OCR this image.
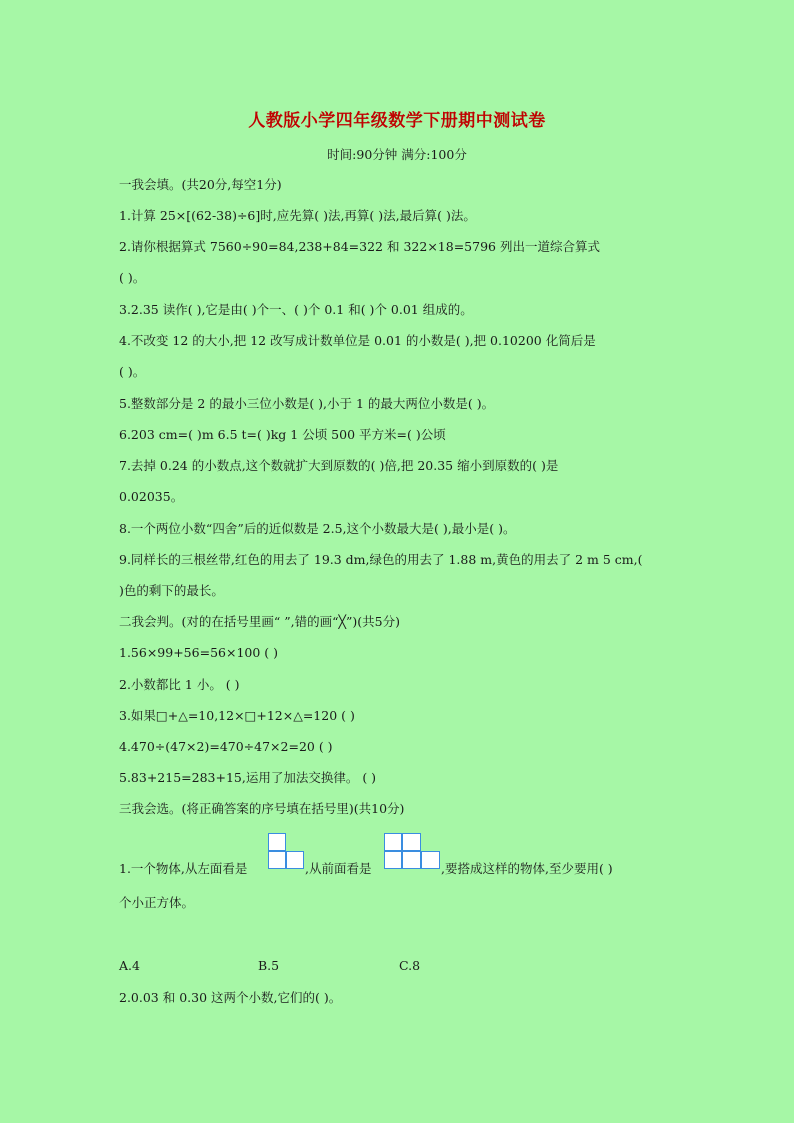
人教版小学四年级数学下册期中测试卷
时间:90分钟 满分:100分
一我会填。(共20分,每空1分)
1.计算 25×[(62-38)÷6]时,应先算( )法,再算( )法,最后算( )法。
2.请你根据算式 7560÷90=84,238+84=322 和 322×18=5796 列出一道综合算式
( )。
3.2.35 读作( ),它是由( )个一、( )个 0.1 和( )个 0.01 组成的。
4.不改变 12 的大小,把 12 改写成计数单位是 0.01 的小数是( ),把 0.10200 化简后是
( )。
5.整数部分是 2 的最小三位小数是( ),小于 1 的最大两位小数是( )。
6.203 cm=( )m 6.5 t=( )kg 1 公顷 500 平方米=( )公顷
7.去掉 0.24 的小数点,这个数就扩大到原数的( )倍,把 20.35 缩小到原数的( )是
0.02035。
8.一个两位小数“四舍”后的近似数是 2.5,这个小数最大是( ),最小是( )。
9.同样长的三根丝带,红色的用去了 19.3 dm,绿色的用去了 1.88 m,黄色的用去了 2 m 5 cm,(
)色的剩下的最长。
二我会判。(对的在括号里画“ ”,错的画“╳”)(共5分)
1.56×99+56=56×100 ( )
2.小数都比 1 小。 ( )
3.如果□+△=10,12×□+12×△=120 ( )
4.470÷(47×2)=470÷47×2=20 ( )
5.83+215=283+15,运用了加法交换律。 ( )
三我会选。(将正确答案的序号填在括号里)(共10分)
1.一个物体,从左面看是	,从前面看是	,要搭成这样的物体,至少要用( )
个小正方体。
A.4	B.5	C.8
2.0.03 和 0.30 这两个小数,它们的( )。
